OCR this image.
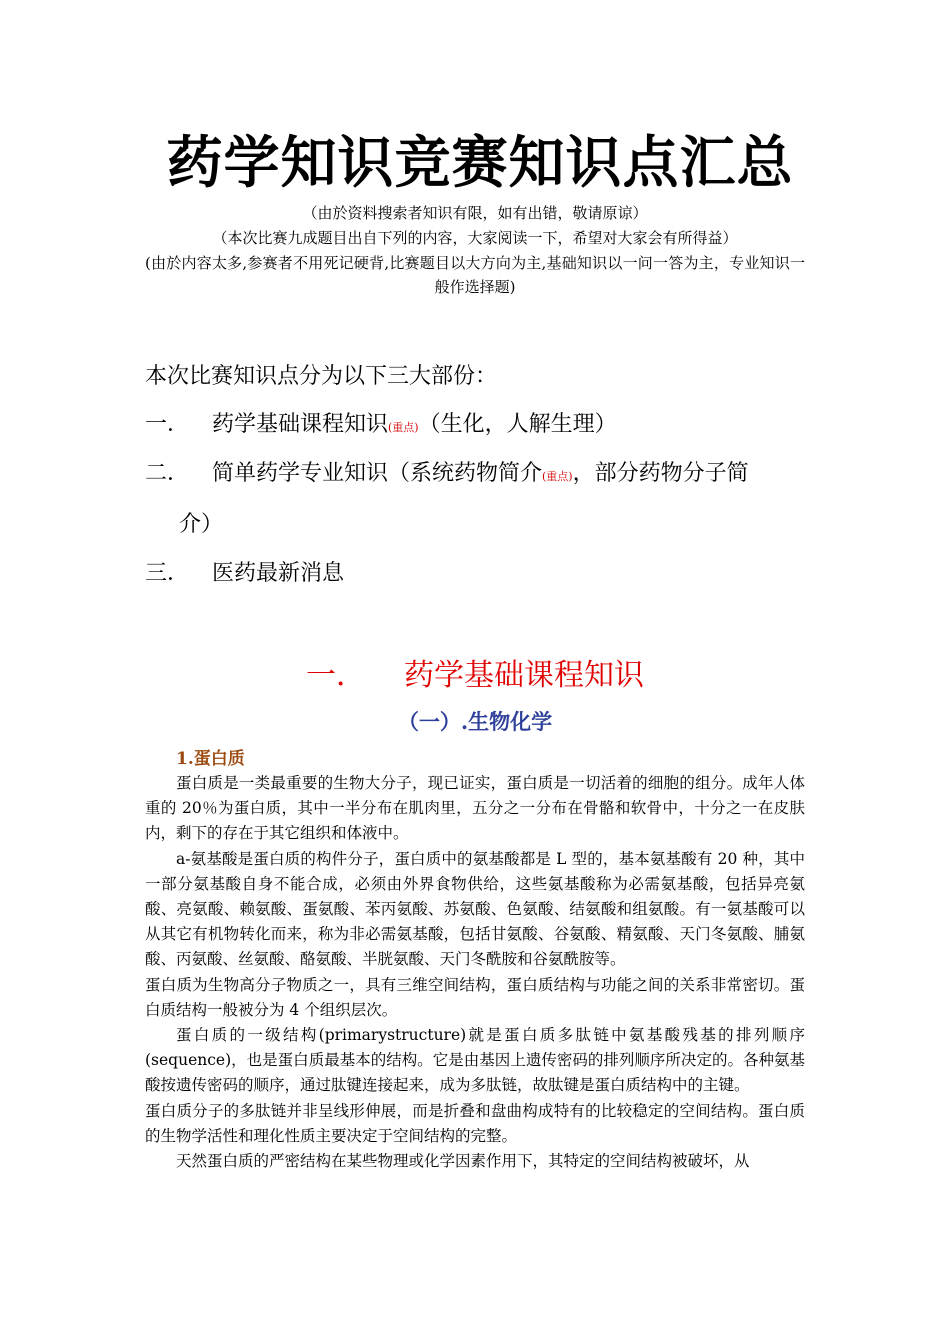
药学知识竞赛知识点汇总
（由於资料搜索者知识有限，如有出错，敬请原谅）
（本次比赛九成题目出自下列的内容，大家阅读一下，希望对大家会有所得益）
(由於内容太多,参赛者不用死记硬背,比赛题目以大方向为主,基础知识以一问一答为主，专业知识一般作选择题)
本次比赛知识点分为以下三大部份：
一． 药学基础课程知识(重点)（生化，人解生理）
二． 简单药学专业知识（系统药物简介(重点)，部分药物分子简
介）
三． 医药最新消息
一． 药学基础课程知识
（一）.生物化学
1.蛋白质

蛋白质是一类最重要的生物大分子，现已证实，蛋白质是一切活着的细胞的组分。成年人体重的 20％为蛋白质，其中一半分布在肌肉里，五分之一分布在骨骼和软骨中，十分之一在皮肤内，剩下的存在于其它组织和体液中。

a-氨基酸是蛋白质的构件分子，蛋白质中的氨基酸都是 L 型的，基本氨基酸有 20 种，其中一部分氨基酸自身不能合成，必须由外界食物供给，这些氨基酸称为必需氨基酸，包括异亮氨酸、亮氨酸、赖氨酸、蛋氨酸、苯丙氨酸、苏氨酸、色氨酸、结氨酸和组氨酸。有一氨基酸可以从其它有机物转化而来，称为非必需氨基酸，包括甘氨酸、谷氨酸、精氨酸、天门冬氨酸、脯氨酸、丙氨酸、丝氨酸、酪氨酸、半胱氨酸、天门冬酰胺和谷氨酰胺等。

蛋白质为生物高分子物质之一，具有三维空间结构，蛋白质结构与功能之间的关系非常密切。蛋白质结构一般被分为 4 个组织层次。

蛋白质的一级结构(primarystructure)就是蛋白质多肽链中氨基酸残基的排列顺序(sequence)，也是蛋白质最基本的结构。它是由基因上遗传密码的排列顺序所决定的。各种氨基酸按遗传密码的顺序，通过肽键连接起来，成为多肽链，故肽键是蛋白质结构中的主键。

蛋白质分子的多肽链并非呈线形伸展，而是折叠和盘曲构成特有的比较稳定的空间结构。蛋白质的生物学活性和理化性质主要决定于空间结构的完整。

天然蛋白质的严密结构在某些物理或化学因素作用下，其特定的空间结构被破坏，从
